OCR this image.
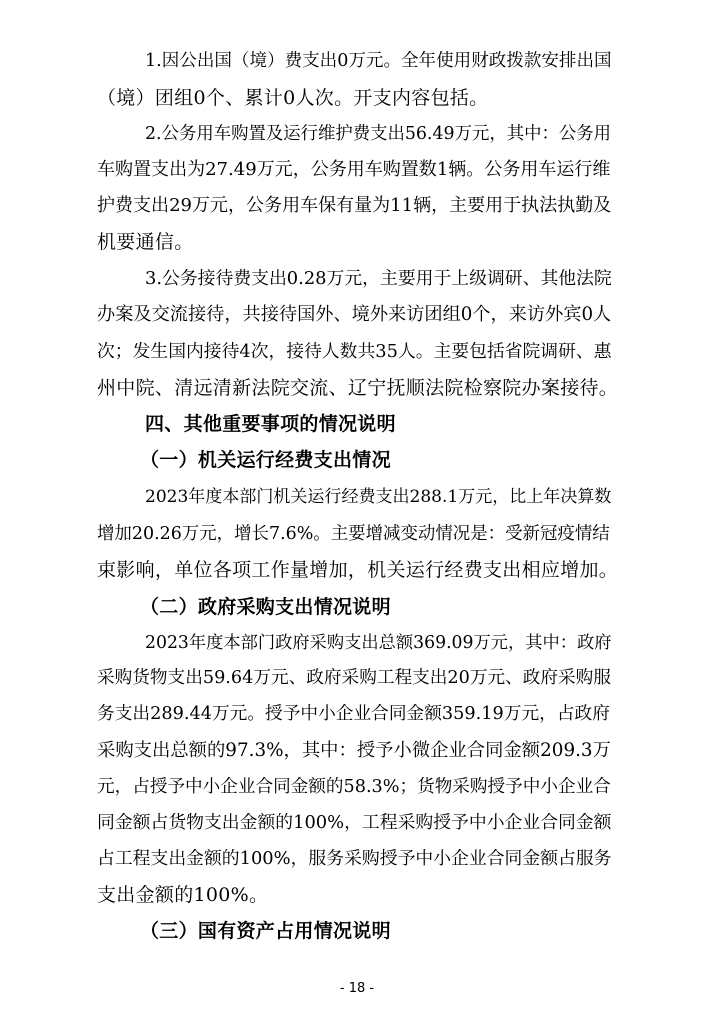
1.因公出国（境）费支出0万元。全年使用财政拨款安排出国
（境）团组0个、累计0人次。开支内容包括。
2.公务用车购置及运行维护费支出56.49万元，其中：公务用
车购置支出为27.49万元，公务用车购置数1辆。公务用车运行维
护费支出29万元，公务用车保有量为11辆，主要用于执法执勤及
机要通信。
3.公务接待费支出0.28万元，主要用于上级调研、其他法院
办案及交流接待，共接待国外、境外来访团组0个，来访外宾0人
次；发生国内接待4次，接待人数共35人。主要包括省院调研、惠
州中院、清远清新法院交流、辽宁抚顺法院检察院办案接待。
四、其他重要事项的情况说明
（一）机关运行经费支出情况
2023年度本部门机关运行经费支出288.1万元，比上年决算数
增加20.26万元，增长7.6%。主要增减变动情况是：受新冠疫情结
束影响，单位各项工作量增加，机关运行经费支出相应增加。
（二）政府采购支出情况说明
2023年度本部门政府采购支出总额369.09万元，其中：政府
采购货物支出59.64万元、政府采购工程支出20万元、政府采购服
务支出289.44万元。授予中小企业合同金额359.19万元，占政府
采购支出总额的97.3%，其中：授予小微企业合同金额209.3万
元，占授予中小企业合同金额的58.3%；货物采购授予中小企业合
同金额占货物支出金额的100%，工程采购授予中小企业合同金额
占工程支出金额的100%，服务采购授予中小企业合同金额占服务
支出金额的100%。
（三）国有资产占用情况说明
- 18 -
